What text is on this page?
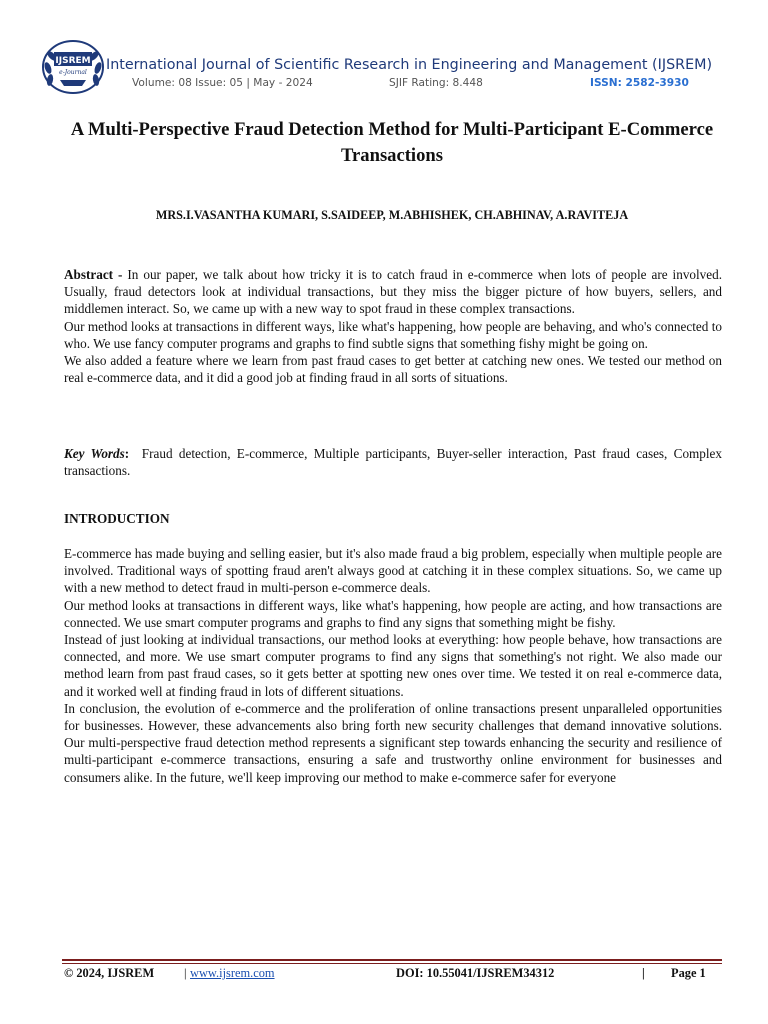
IJSREM
e-Journal International Journal of Scientific Research in Engineering and Management (IJSREM)
Volume: 08 Issue: 05 | May - 2024	SJIF Rating: 8.448	ISSN: 2582-3930
A Multi-Perspective Fraud Detection Method for Multi-Participant E-Commerce Transactions
MRS.I.VASANTHA KUMARI, S.SAIDEEP, M.ABHISHEK, CH.ABHINAV, A.RAVITEJA
Abstract - In our paper, we talk about how tricky it is to catch fraud in e-commerce when lots of people are involved. Usually, fraud detectors look at individual transactions, but they miss the bigger picture of how buyers, sellers, and middlemen interact. So, we came up with a new way to spot fraud in these complex transactions.
Our method looks at transactions in different ways, like what's happening, how people are behaving, and who's connected to who. We use fancy computer programs and graphs to find subtle signs that something fishy might be going on.
We also added a feature where we learn from past fraud cases to get better at catching new ones. We tested our method on real e-commerce data, and it did a good job at finding fraud in all sorts of situations.
Key Words: Fraud detection, E-commerce, Multiple participants, Buyer-seller interaction, Past fraud cases, Complex transactions.
INTRODUCTION
E-commerce has made buying and selling easier, but it's also made fraud a big problem, especially when multiple people are involved. Traditional ways of spotting fraud aren't always good at catching it in these complex situations. So, we came up with a new method to detect fraud in multi-person e-commerce deals.
Our method looks at transactions in different ways, like what's happening, how people are acting, and how transactions are connected. We use smart computer programs and graphs to find any signs that something might be fishy.
Instead of just looking at individual transactions, our method looks at everything: how people behave, how transactions are connected, and more. We use smart computer programs to find any signs that something's not right. We also made our method learn from past fraud cases, so it gets better at spotting new ones over time. We tested it on real e-commerce data, and it worked well at finding fraud in lots of different situations.
In conclusion, the evolution of e-commerce and the proliferation of online transactions present unparalleled opportunities for businesses. However, these advancements also bring forth new security challenges that demand innovative solutions. Our multi-perspective fraud detection method represents a significant step towards enhancing the security and resilience of multi-participant e-commerce transactions, ensuring a safe and trustworthy online environment for businesses and consumers alike. In the future, we'll keep improving our method to make e-commerce safer for everyone
© 2024, IJSREM | www.ijsrem.com	DOI: 10.55041/IJSREM34312	| Page 1
